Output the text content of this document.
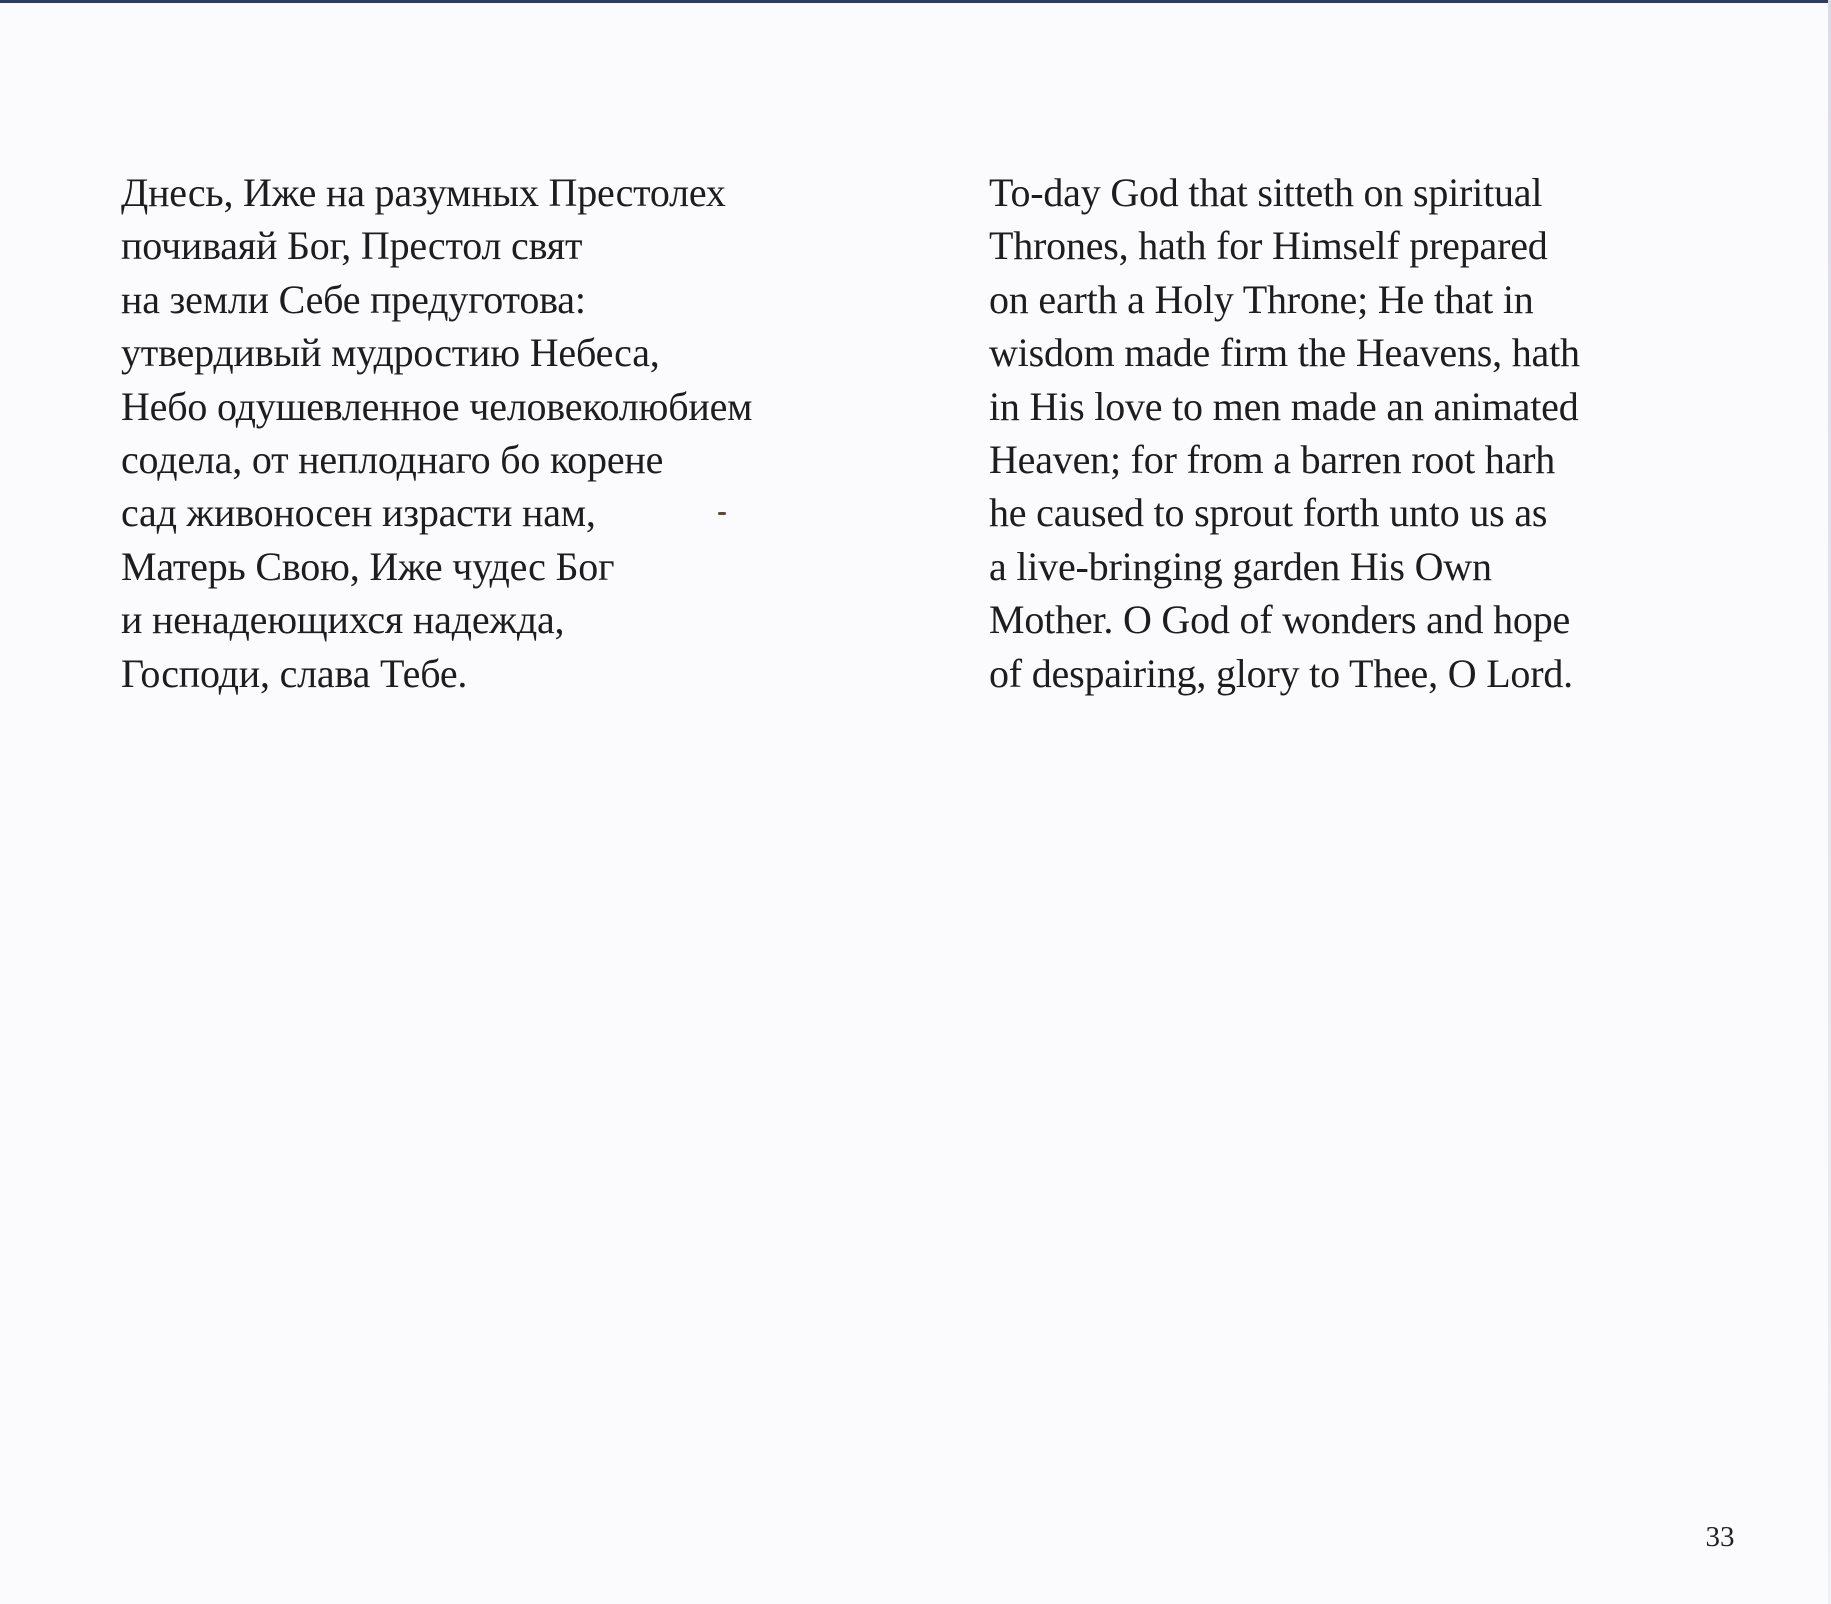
Днесь, Иже на разумных Престолех
почиваяй Бог, Престол свят
на земли Себе предуготова:
утвердивый мудростию Небеса,
Небо одушевленное человеколюбием
содела, от неплоднаго бо корене
сад живоносен израсти нам,
Матерь Свою, Иже чудес Бог
и ненадеющихся надежда,
Господи, слава Тебе.
To-day God that sitteth on spiritual
Thrones, hath for Himself prepared
on earth a Holy Throne; He that in
wisdom made firm the Heavens, hath
in His love to men made an animated
Heaven; for from a barren root harh
he caused to sprout forth unto us as
a live-bringing garden His Own
Mother. O God of wonders and hope
of despairing, glory to Thee, O Lord.
33
